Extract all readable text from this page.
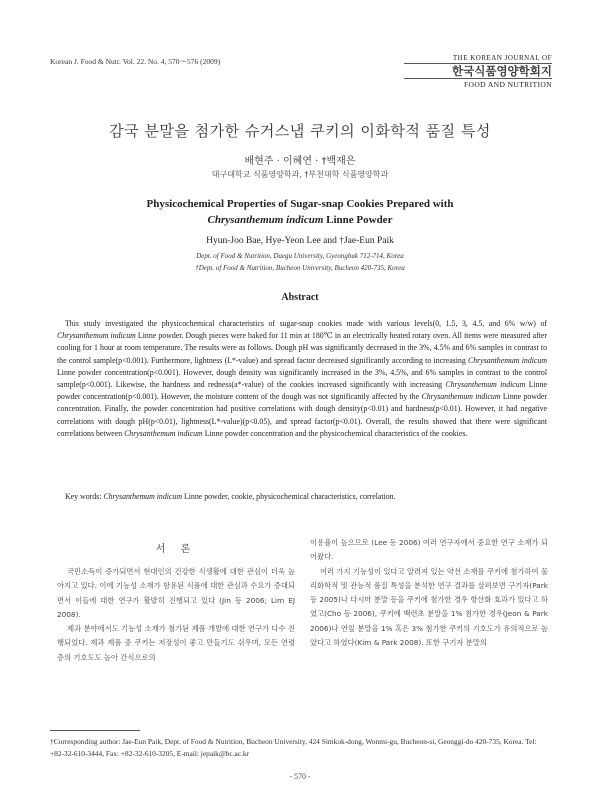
Korean J. Food & Nutr. Vol. 22. No. 4, 570～576 (2009)	THE KOREAN JOURNAL OF
한국식품영양학회지
FOOD AND NUTRITION
감국 분말을 첨가한 슈거스냅 쿠키의 이화학적 품질 특성
배현주 · 이혜연 · †백재은
대구대학교 식품영양학과, †부천대학 식품영양학과
Physicochemical Properties of Sugar-snap Cookies Prepared with
Chrysanthemum indicum Linne Powder
Hyun-Joo Bae, Hye-Yeon Lee and †Jae-Eun Paik
Dept. of Food & Nutrition, Daegu University, Gyeongbuk 712-714, Korea
†Dept. of Food & Nutrition, Bucheon University, Bucheon 420-735, Korea
Abstract

This study investigated the physicochemical characteristics of sugar-snap cookies made with various levels(0, 1.5, 3, 4.5, and 6% w/w) of Chrysanthemum indicum Linne powder. Dough pieces were baked for 11 min at 180℃ in an electrically heated rotary oven. All items were measured after cooling for 1 hour at room temperature. The results were as follows. Dough pH was significantly decreased in the 3%, 4.5% and 6% samples in contrast to the control sample(p<0.001). Furthermore, lightness (L*-value) and spread factor decreased significantly according to increasing Chrysanthemum indicum Linne powder concentration(p<0.001). However, dough density was significantly increased in the 3%, 4.5%, and 6% samples in contrast to the control sample(p<0.001). Likewise, the hardness and redness(a*-value) of the cookies increased significantly with increasing Chrysanthemum indicum Linne powder concentration(p<0.001). However, the moisture content of the dough was not significantly affected by the Chrysanthemum indicum Linne powder concentration. Finally, the powder concentration had positive correlations with dough density(p<0.01) and hardness(p<0.01). However, it had negative correlations with dough pH(p<0.01), lightness(L*-value)(p<0.05), and spread factor(p<0.01). Overall, the results showed that there were significant correlations between Chrysanthemum indicum Linne powder concentration and the physicochemical characteristics of the cookies.

Key words: Chrysanthemum indicum Linne powder, cookie, physicochemical characteristics, correlation.
서 론

국민소득이 증가되면서 현대인의 건강한 식생활에 대한 관심이 더욱 높아지고 있다. 이에 기능성 소재가 함유된 식품에 대한 관심과 수요가 증대되면서 이들에 대한 연구가 활발히 진행되고 있다 (Jin 등 2006; Lim EJ 2008).

제과 분야에서도 기능성 소재가 첨가된 제품 개발에 대한 연구가 다수 진행되었다. 제과 제품 중 쿠키는 저장성이 좋고 만들기도 쉬우며, 모든 연령층의 기호도도 높아 간식으로의

이용율이 높으므로 (Lee 등 2006) 여러 연구자에서 중요한 연구 소재가 되어왔다.

여러 가지 기능성이 있다고 알려져 있는 약선 소재를 쿠키에 첨가하여 물리화학적 및 관능적 품질 특성을 분석한 연구 결과를 살펴보면 구기자(Park 등 2005)나 다시마 분말 등을 쿠키에 첨가한 경우 항산화 효과가 있다고 하였고(Cho 등 2006), 쿠키에 백련초 분말을 1% 첨가한 경우(Jeon & Park 2006)나 연잎 분말을 1% 혹은 3% 첨가한 쿠키의 기호도가 유의적으로 높았다고 하였다(Kim & Park 2008). 또한 구기자 분말의

†Corresponding author: Jae-Eun Paik, Dept. of Food & Nutrition, Bucheon University, 424 Simkok-dong, Wonmi-gu, Bucheon-si, Geonggi-do 420-735, Korea. Tel: +82-32-610-3444, Fax: +82-32-610-3205, E-mail: jepaik@bc.ac.kr
- 570 -
